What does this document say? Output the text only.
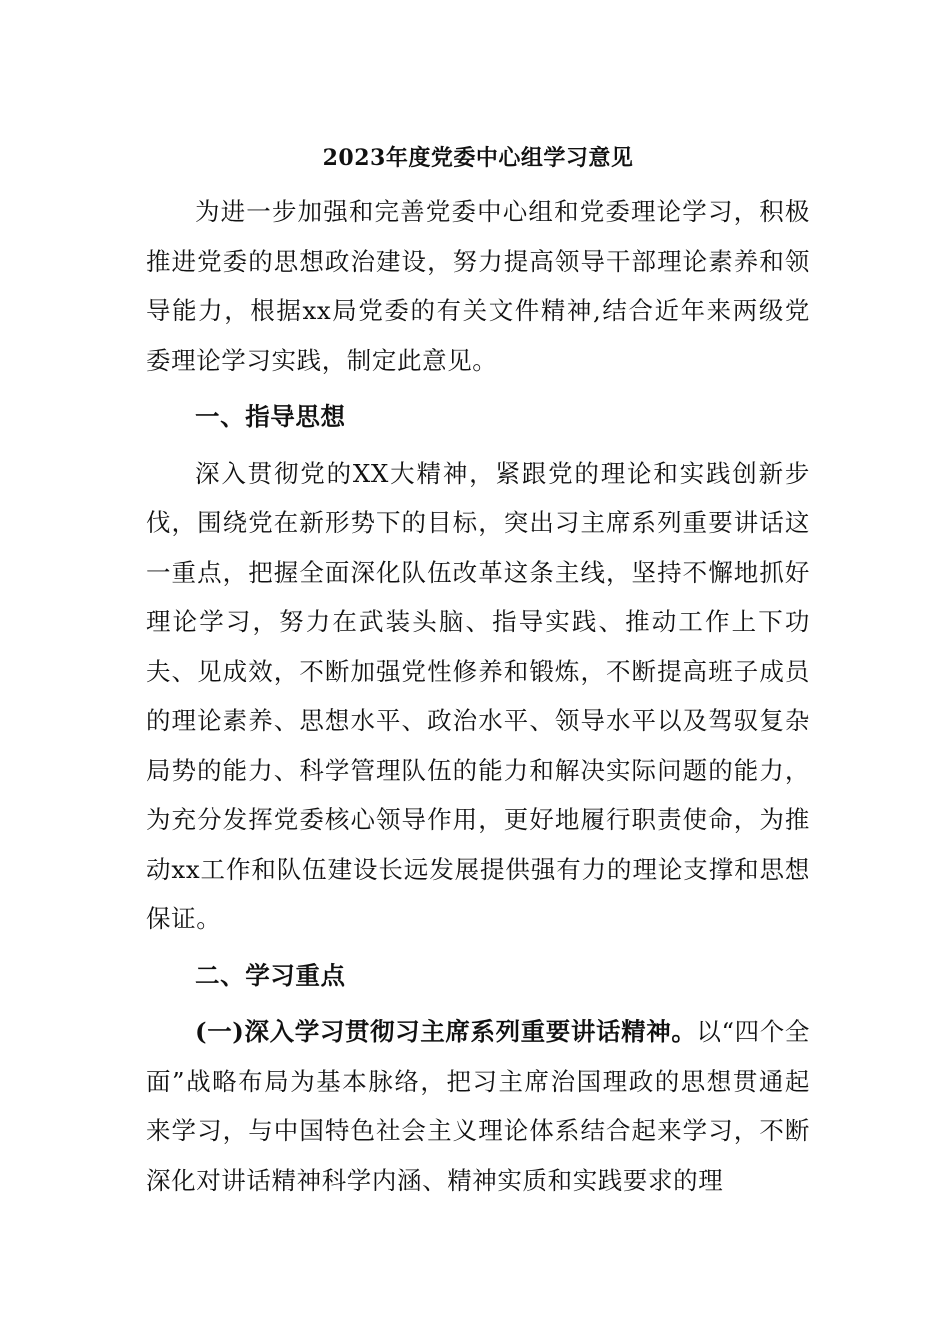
2023年度党委中心组学习意见

为进一步加强和完善党委中心组和党委理论学习，积极推进党委的思想政治建设，努力提高领导干部理论素养和领导能力，根据xx局党委的有关文件精神,结合近年来两级党委理论学习实践，制定此意见。

一、指导思想

深入贯彻党的XX大精神，紧跟党的理论和实践创新步伐，围绕党在新形势下的目标，突出习主席系列重要讲话这一重点，把握全面深化队伍改革这条主线，坚持不懈地抓好理论学习，努力在武装头脑、指导实践、推动工作上下功夫、见成效，不断加强党性修养和锻炼，不断提高班子成员的理论素养、思想水平、政治水平、领导水平以及驾驭复杂局势的能力、科学管理队伍的能力和解决实际问题的能力，为充分发挥党委核心领导作用，更好地履行职责使命，为推动xx工作和队伍建设长远发展提供强有力的理论支撑和思想保证。

二、学习重点

(一)深入学习贯彻习主席系列重要讲话精神。以“四个全面”战略布局为基本脉络，把习主席治国理政的思想贯通起来学习，与中国特色社会主义理论体系结合起来学习，不断深化对讲话精神科学内涵、精神实质和实践要求的理
